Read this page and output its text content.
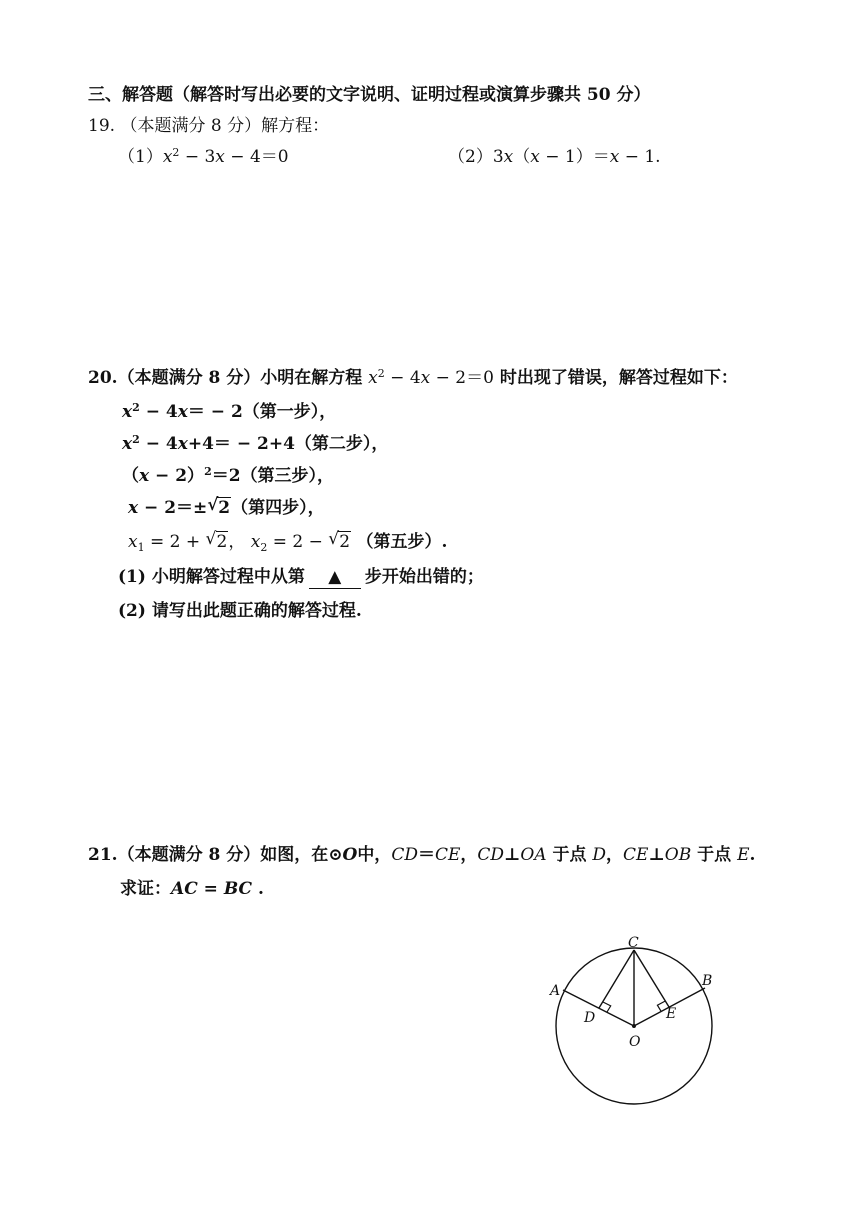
三、解答题（解答时写出必要的文字说明、证明过程或演算步骤共 50 分）
19. （本题满分 8 分）解方程：
$(1)x^2 - 3x - 4=0$	（2）3x（x − 1）＝x − 1.
20.（本题满分 8 分）小明在解方程 $x^2 - 4x - 2=0$ 时出现了错误，解答过程如下：
$x^2 - 4x= - 2$（第一步），
$x^2 - 4x+4= - 2+4$（第二步），
$(x - 2)^2=2$（第三步），
x − 2＝± √ 2（第四步），
$x_1 = 2$ + √ 2， $x_2 = 2$ − √ 2 （第五步）.
(1) 小明解答过程中从第 ▲ 步开始出错的；
(2) 请写出此题正确的解答过程.
21.（本题满分 8 分）如图，在⊙O中，CD＝CE，CD⊥OA 于点 D，CE⊥OB 于点 E.
求证：AC = BC .
A
B
C
D	E
O
